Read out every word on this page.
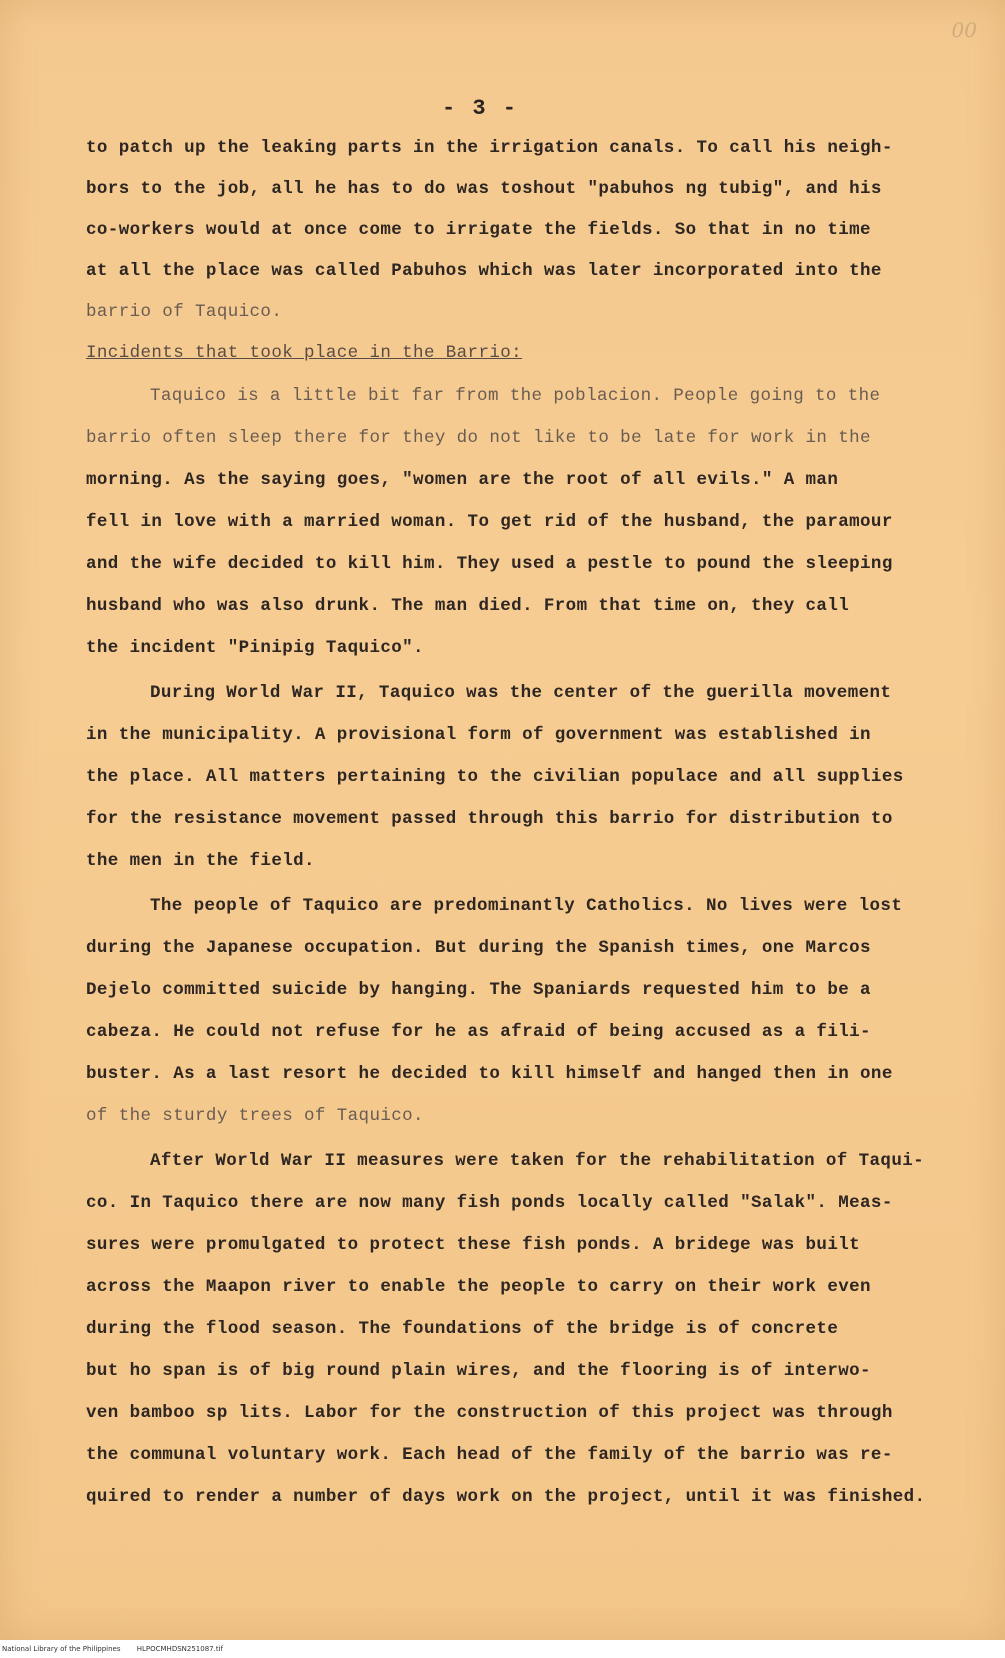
00
- 3 -
to patch up the leaking parts in the irrigation canals. To call his neigh-
bors to the job, all he has to do was toshout "pabuhos ng tubig", and his
co-workers would at once come to irrigate the fields. So that in no time
at all the place was called Pabuhos which was later incorporated into the
barrio of Taquico.
Incidents that took place in the Barrio:
Taquico is a little bit far from the poblacion. People going to the
barrio often sleep there for they do not like to be late for work in the
morning. As the saying goes, "women are the root of all evils." A man
fell in love with a married woman. To get rid of the husband, the paramour
and the wife decided to kill him. They used a pestle to pound the sleeping
husband who was also drunk. The man died. From that time on, they call
the incident "Pinipig Taquico".
During World War II, Taquico was the center of the guerilla movement
in the municipality. A provisional form of government was established in
the place. All matters pertaining to the civilian populace and all supplies
for the resistance movement passed through this barrio for distribution to
the men in the field.
The people of Taquico are predominantly Catholics. No lives were lost
during the Japanese occupation. But during the Spanish times, one Marcos
Dejelo committed suicide by hanging. The Spaniards requested him to be a
cabeza. He could not refuse for he as afraid of being accused as a fili-
buster. As a last resort he decided to kill himself and hanged then in one
of the sturdy trees of Taquico.
After World War II measures were taken for the rehabilitation of Taqui-
co. In Taquico there are now many fish ponds locally called "Salak". Meas-
sures were promulgated to protect these fish ponds. A bridege was built
across the Maapon river to enable the people to carry on their work even
during the flood season. The foundations of the bridge is of concrete
but ho span is of big round plain wires, and the flooring is of interwo-
ven bamboo sp lits. Labor for the construction of this project was through
the communal voluntary work. Each head of the family of the barrio was re-
quired to render a number of days work on the project, until it was finished.
National Library of the Philippines HLPOCMHDSN251087.tif
